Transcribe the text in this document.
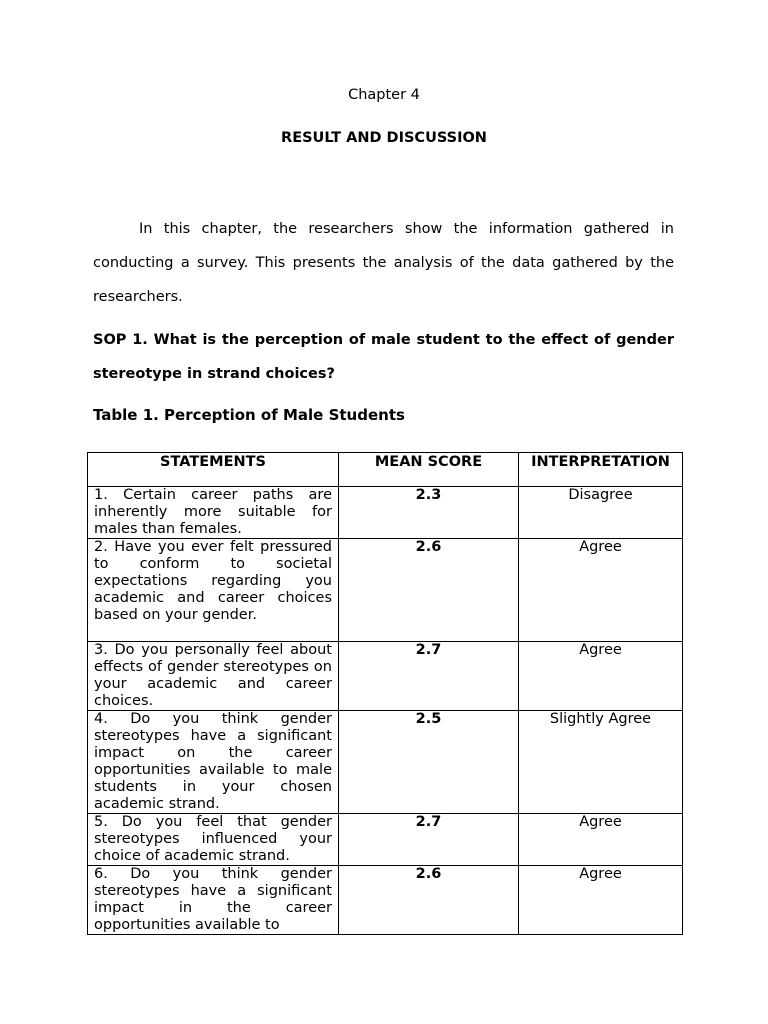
Chapter 4
RESULT AND DISCUSSION

In this chapter, the researchers show the information gathered in conducting a survey. This presents the analysis of the data gathered by the researchers.

SOP 1. What is the perception of male student to the effect of gender stereotype in strand choices?

Table 1. Perception of Male Students
STATEMENTS	MEAN SCORE	INTERPRETATION
1. Certain career paths are inherently more suitable for males than females.	2.3	Disagree
2. Have you ever felt pressured to conform to societal expectations regarding you academic and career choices based on your gender.	2.6	Agree
3. Do you personally feel about effects of gender stereotypes on your academic and career choices.	2.7	Agree
4. Do you think gender stereotypes have a significant impact on the career opportunities available to male students in your chosen academic strand.	2.5	Slightly Agree
5. Do you feel that gender stereotypes influenced your choice of academic strand.	2.7	Agree

6. Do you think gender stereotypes have a significant impact in the career opportunities available to	2.6	Agree
